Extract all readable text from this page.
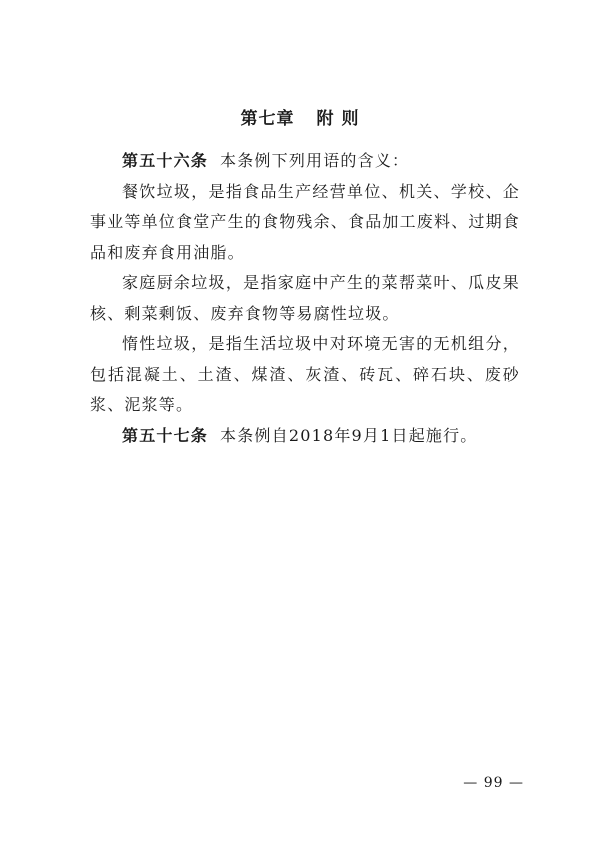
第七章 附 则

第五十六条 本条例下列用语的含义：

餐饮垃圾，是指食品生产经营单位、机关、学校、企事业等单位食堂产生的食物残余、食品加工废料、过期食品和废弃食用油脂。

家庭厨余垃圾，是指家庭中产生的菜帮菜叶、瓜皮果核、剩菜剩饭、废弃食物等易腐性垃圾。

惰性垃圾，是指生活垃圾中对环境无害的无机组分，包括混凝土、土渣、煤渣、灰渣、砖瓦、碎石块、废砂浆、泥浆等。

第五十七条 本条例自2018年9月1日起施行。

— 99 —
